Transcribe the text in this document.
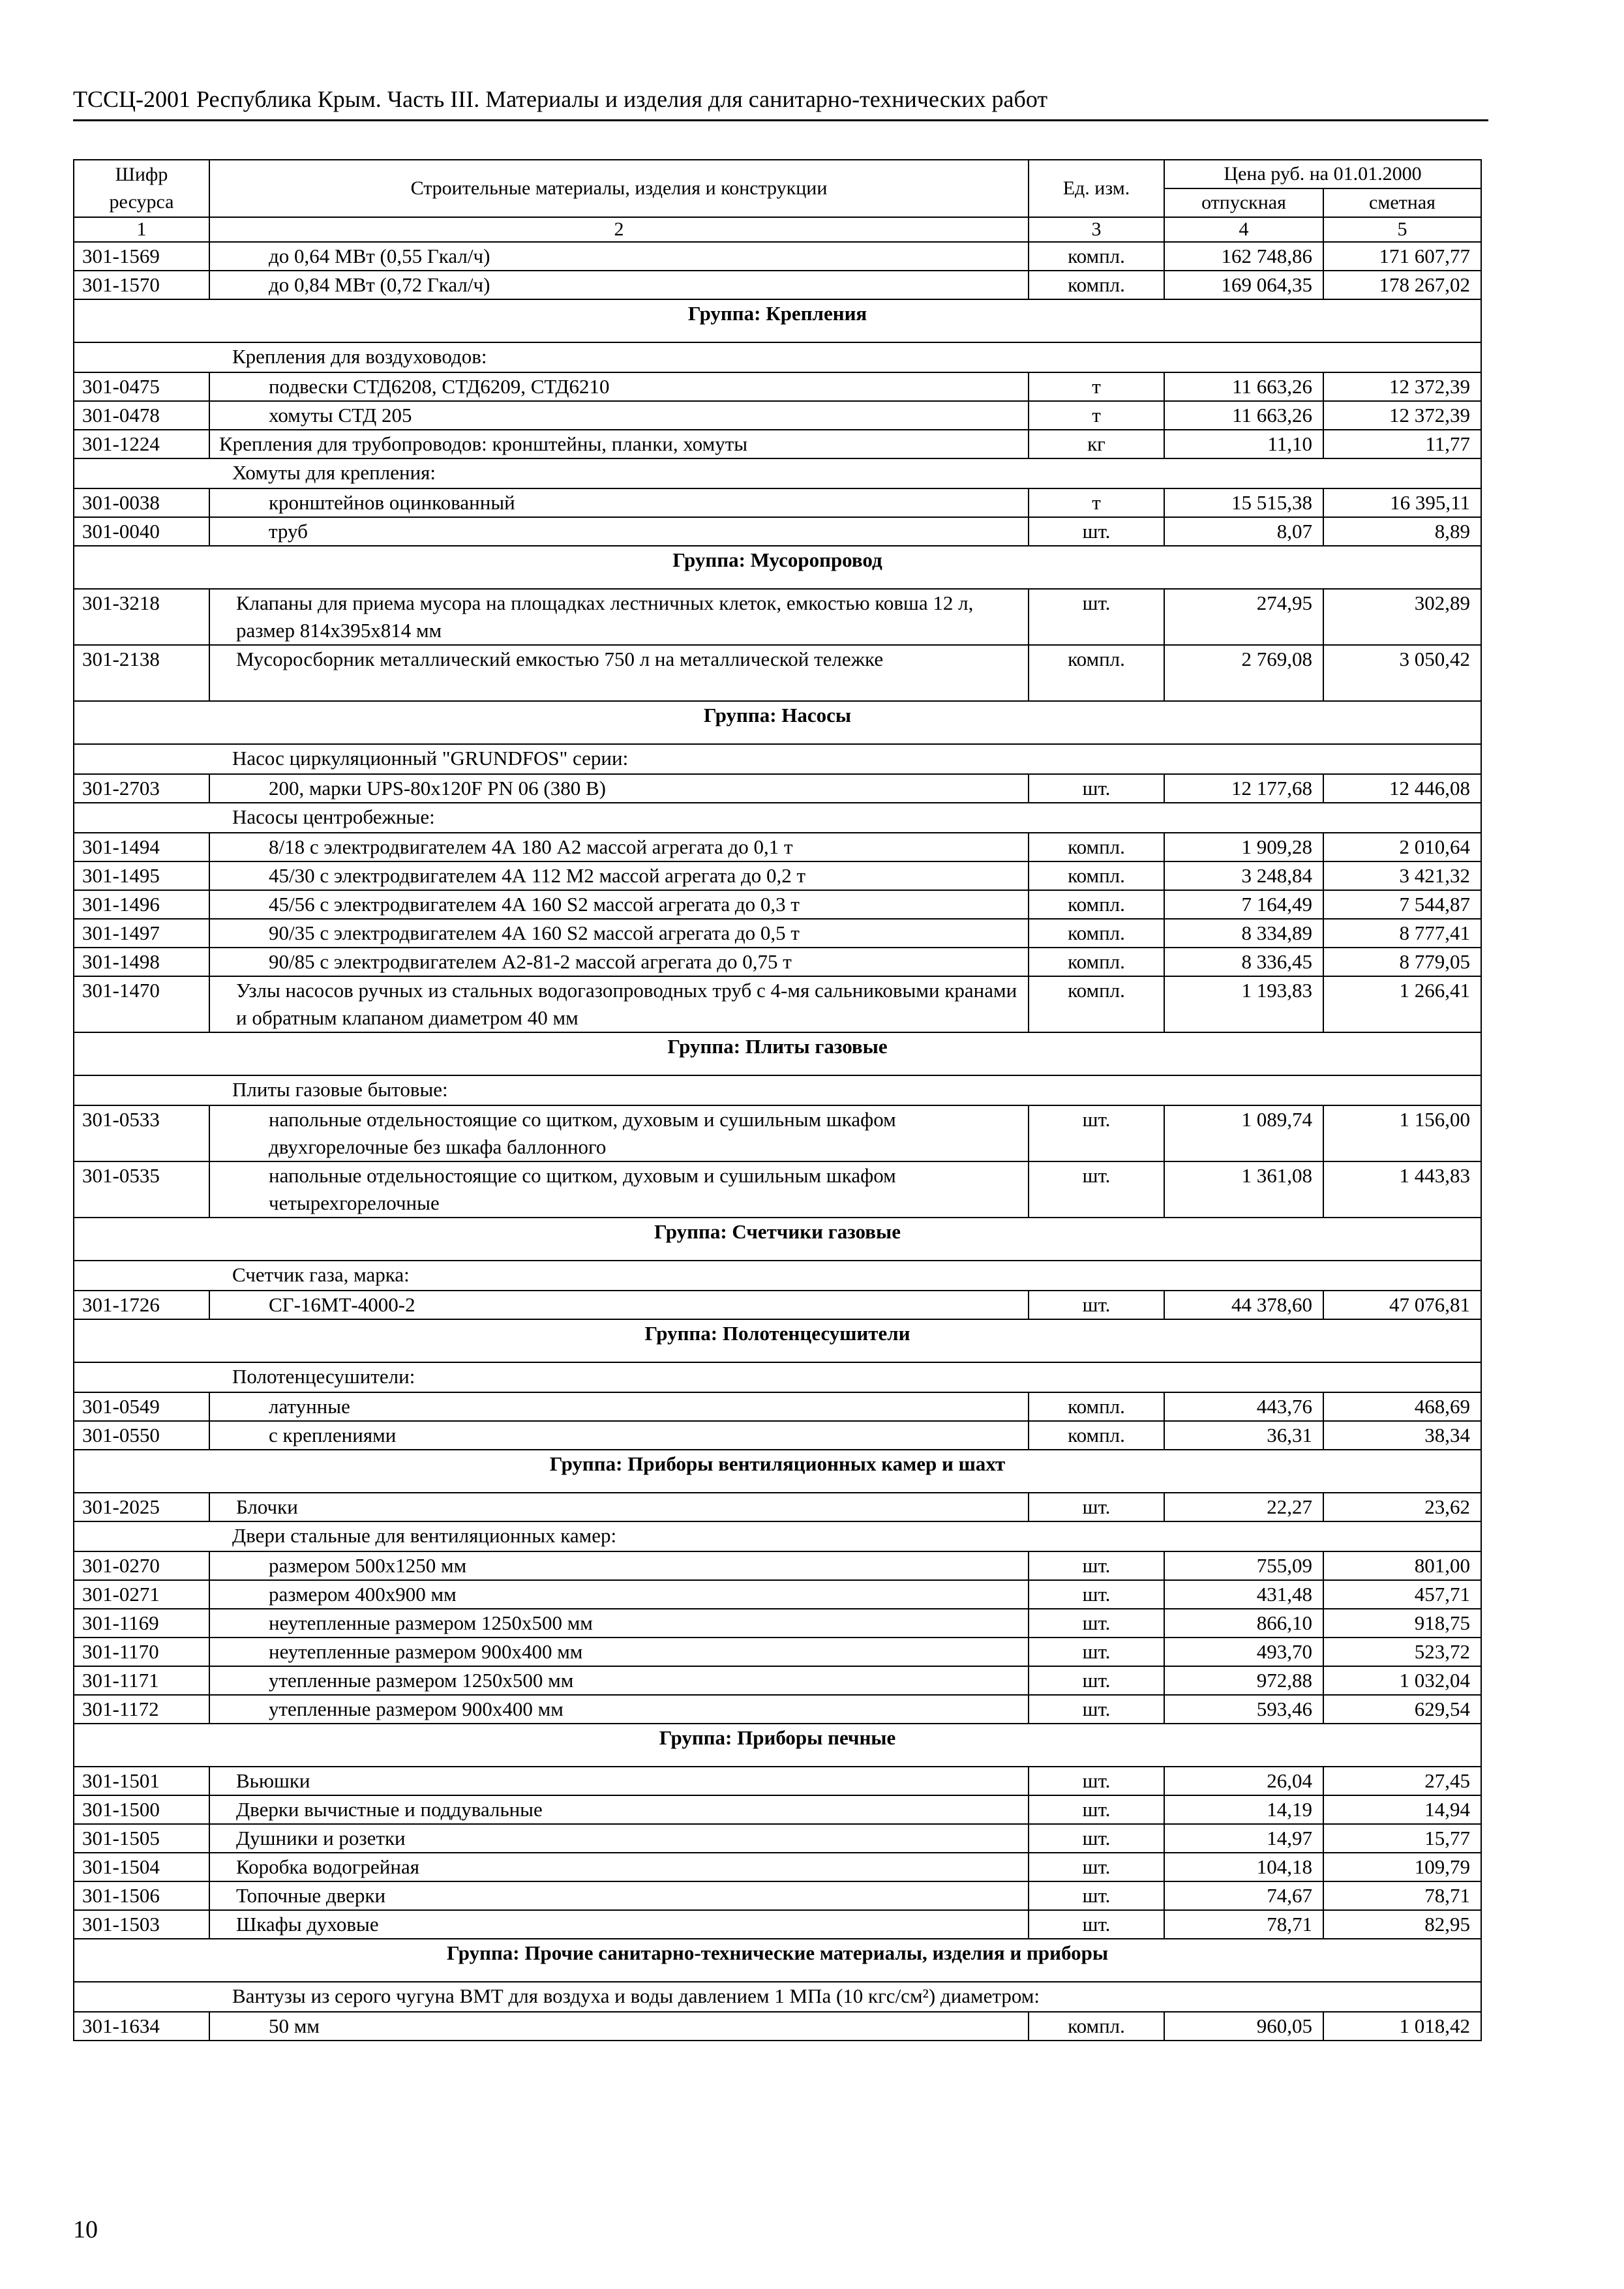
ТССЦ-2001 Республика Крым. Часть III. Материалы и изделия для санитарно-технических работ
Шифр ресурса	Строительные материалы, изделия и конструкции	Ед. изм.	Цена руб. на 01.01.2000	
			отпускная	сметная
1	2	3	4	5
301-1569	до 0,64 МВт (0,55 Гкал/ч)	компл.	162 748,86	171 607,77
301-1570	до 0,84 МВт (0,72 Гкал/ч)	компл.	169 064,35	178 267,02
Группа: Крепления				
Крепления для воздуховодов:				
301-0475	подвески СТД6208, СТД6209, СТД6210	т	11 663,26	12 372,39
301-0478	хомуты СТД 205	т	11 663,26	12 372,39
301-1224	Крепления для трубопроводов: кронштейны, планки, хомуты	кг	11,10	11,77
Хомуты для крепления:				
301-0038	кронштейнов оцинкованный	т	15 515,38	16 395,11
301-0040	труб	шт.	8,07	8,89
Группа: Мусоропровод				
301-3218	Клапаны для приема мусора на площадках лестничных клеток, емкостью ковша 12 л, размер 814x395x814 мм	шт.	274,95	302,89
301-2138	Мусоросборник металлический емкостью 750 л на металлической тележке	компл.	2 769,08	3 050,42
Группа: Насосы				
Насос циркуляционный "GRUNDFOS" серии:				
301-2703	200, марки UPS-80x120F PN 06 (380 В)	шт.	12 177,68	12 446,08
Насосы центробежные:				
301-1494	8/18 с электродвигателем 4А 180 А2 массой агрегата до 0,1 т	компл.	1 909,28	2 010,64
301-1495	45/30 с электродвигателем 4А 112 М2 массой агрегата до 0,2 т	компл.	3 248,84	3 421,32
301-1496	45/56 с электродвигателем 4А 160 S2 массой агрегата до 0,3 т	компл.	7 164,49	7 544,87
301-1497	90/35 с электродвигателем 4А 160 S2 массой агрегата до 0,5 т	компл.	8 334,89	8 777,41
301-1498	90/85 с электродвигателем А2-81-2 массой агрегата до 0,75 т	компл.	8 336,45	8 779,05
301-1470	Узлы насосов ручных из стальных водогазопроводных труб с 4-мя сальниковыми кранами и обратным клапаном диаметром 40 мм	компл.	1 193,83	1 266,41
Группа: Плиты газовые				
Плиты газовые бытовые:				
301-0533	напольные отдельностоящие со щитком, духовым и сушильным шкафом двухгорелочные без шкафа баллонного	шт.	1 089,74	1 156,00
301-0535	напольные отдельностоящие со щитком, духовым и сушильным шкафом четырехгорелочные	шт.	1 361,08	1 443,83
Группа: Счетчики газовые				
Счетчик газа, марка:				
301-1726	СГ-16МТ-4000-2	шт.	44 378,60	47 076,81
Группа: Полотенцесушители				
Полотенцесушители:				
301-0549	латунные	компл.	443,76	468,69
301-0550	с креплениями	компл.	36,31	38,34
Группа: Приборы вентиляционных камер и шахт				
301-2025	Блочки	шт.	22,27	23,62
Двери стальные для вентиляционных камер:				
301-0270	размером 500x1250 мм	шт.	755,09	801,00
301-0271	размером 400x900 мм	шт.	431,48	457,71
301-1169	неутепленные размером 1250x500 мм	шт.	866,10	918,75
301-1170	неутепленные размером 900x400 мм	шт.	493,70	523,72
301-1171	утепленные размером 1250x500 мм	шт.	972,88	1 032,04
301-1172	утепленные размером 900x400 мм	шт.	593,46	629,54
Группа: Приборы печные				
301-1501	Вьюшки	шт.	26,04	27,45
301-1500	Дверки вычистные и поддувальные	шт.	14,19	14,94
301-1505	Душники и розетки	шт.	14,97	15,77
301-1504	Коробка водогрейная	шт.	104,18	109,79
301-1506	Топочные дверки	шт.	74,67	78,71
301-1503	Шкафы духовые	шт.	78,71	82,95
Группа: Прочие санитарно-технические материалы, изделия и приборы				
Вантузы из серого чугуна ВМТ для воздуха и воды давлением 1 МПа (10 кгс/см²) диаметром:				
301-1634	50 мм	компл.	960,05	1 018,42
10
